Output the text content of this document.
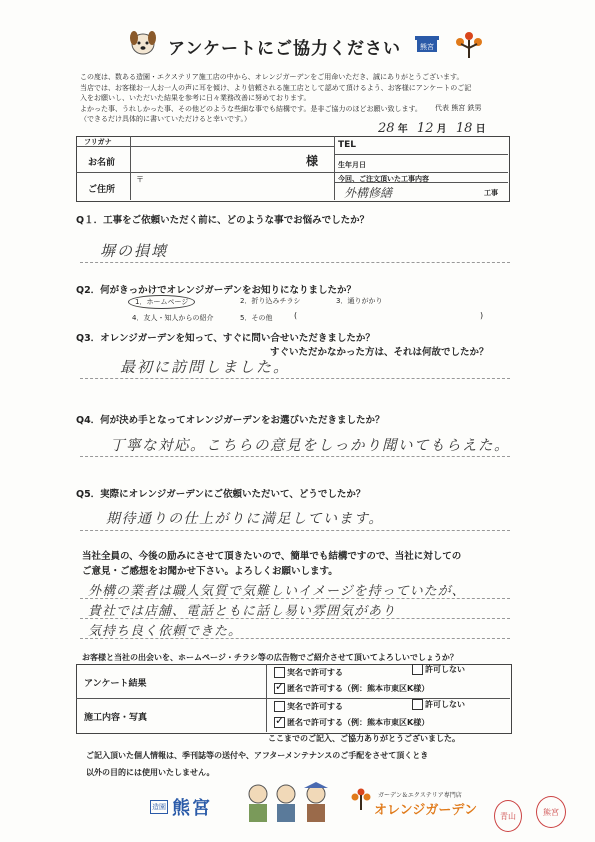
アンケートにご協力ください	熊宮
この度は、数ある造園・エクステリア施工店の中から、オレンジガーデンをご用命いただき、誠にありがとうございます。
当店では、お客様お一人お一人の声に耳を傾け、より信頼される施工店として認めて頂けるよう、お客様にアンケートのご記
入をお願いし、いただいた結果を参考に日々業務改善に努めております。
よかった事、うれしかった事、その他どのような些細な事でも結構です。是非ご協力のほどお願い致します。
（できるだけ具体的に書いていただけると幸いです。）
代表 熊宮 鉄男
28 年 12 月 18 日
フリガナ
お名前	様
ご住所
〒
TEL
生年月日
今回、ご注文頂いた工事内容
外構修繕	工事
Q１．工事をご依頼いただく前に、どのような事でお悩みでしたか？
塀の損壊
Q2．何がきっかけでオレンジガーデンをお知りになりましたか？
1．ホームページ	2．折り込みチラシ	3．通りがかり
4．友人・知人からの紹介	5．その他	(	)
Q3．オレンジガーデンを知って、すぐに問い合せいただきましたか？
すぐいただかなかった方は、それは何故でしたか？
最初に訪問しました。
Q4．何が決め手となってオレンジガーデンをお選びいただきましたか？
丁寧な対応。こちらの意見をしっかり聞いてもらえた。
Q5．実際にオレンジガーデンにご依頼いただいて、どうでしたか？
期待通りの仕上がりに満足しています。
当社全員の、今後の励みにさせて頂きたいので、簡単でも結構ですので、当社に対しての
ご意見・ご感想をお聞かせ下さい。よろしくお願いします。
外構の業者は職人気質で気難しいイメージを持っていたが、
貴社では店舗、電話ともに話し易い雰囲気があり
気持ち良く依頼できた。
お客様と当社の出会いを、ホームページ・チラシ等の広告物でご紹介させて頂いてよろしいでしょうか？
アンケート結果
実名で許可する	許可しない
✓匿名で許可する（例：熊本市東区K様）
施工内容・写真
実名で許可する	許可しない
✓匿名で許可する（例：熊本市東区K様）
ここまでのご記入、ご協力ありがとうございました。
ご記入頂いた個人情報は、季刊誌等の送付や、アフターメンテナンスのご手配をさせて頂くとき
以外の目的には使用いたしません。
造園 熊宮
ガーデン＆エクステリア専門店
オレンジガーデン	青山	熊宮
